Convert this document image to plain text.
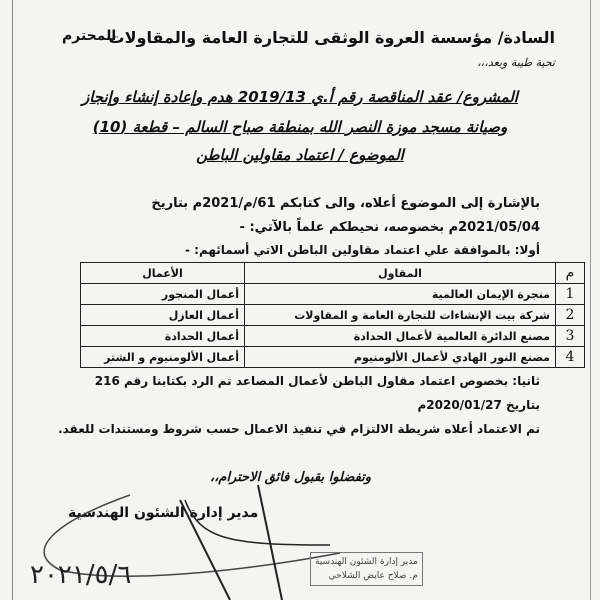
السادة/ مؤسسة العروة الوثقى للتجارة العامة والمقاولات
المحترم
تحية طيبة وبعد،،،
المشروع/ عقد المناقصة رقم أ.ي 2019/13 هدم وإعادة إنشاء وإنجاز
وصيانة مسجد موزة النصر الله بمنطقة صباح السالم – قطعة (10)
الموضوع / اعتماد مقاولين الباطن
بالإشارة إلى الموضوع أعلاه، والى كتابكم 61/م/2021م بتاريخ
2021/05/04م بخصوصه، نحيطكم علماً بالآتي: -
أولا: بالموافقة علي اعتماد مقاولين الباطن الاتي أسمائهم: -
م	المقاول	الأعمال
1	منجرة الإيمان العالمية	أعمال المنجور
2	شركة بيت الإنشاءات للتجارة العامة و المقاولات	أعمال العازل
3	مصنع الدائرة العالمية لأعمال الحدادة	أعمال الحدادة
4	مصنع النور الهادي لأعمال الألومنيوم	أعمال الألومنيوم و الشتر
ثانيا: بخصوص اعتماد مقاول الباطن لأعمال المصاعد تم الرد بكتابنا رقم 216
بتاريخ 2020/01/27م
تم الاعتماد أعلاه شريطة الالتزام في تنفيذ الاعمال حسب شروط ومستندات للعقد.
وتفضلوا بقبول فائق الاحترام،،
مدير إدارة الشئون الهندسية
٢٠٢١/٥/٦	مدير إدارة الشئون الهندسية
م. صلاح عايض الشلاحي
